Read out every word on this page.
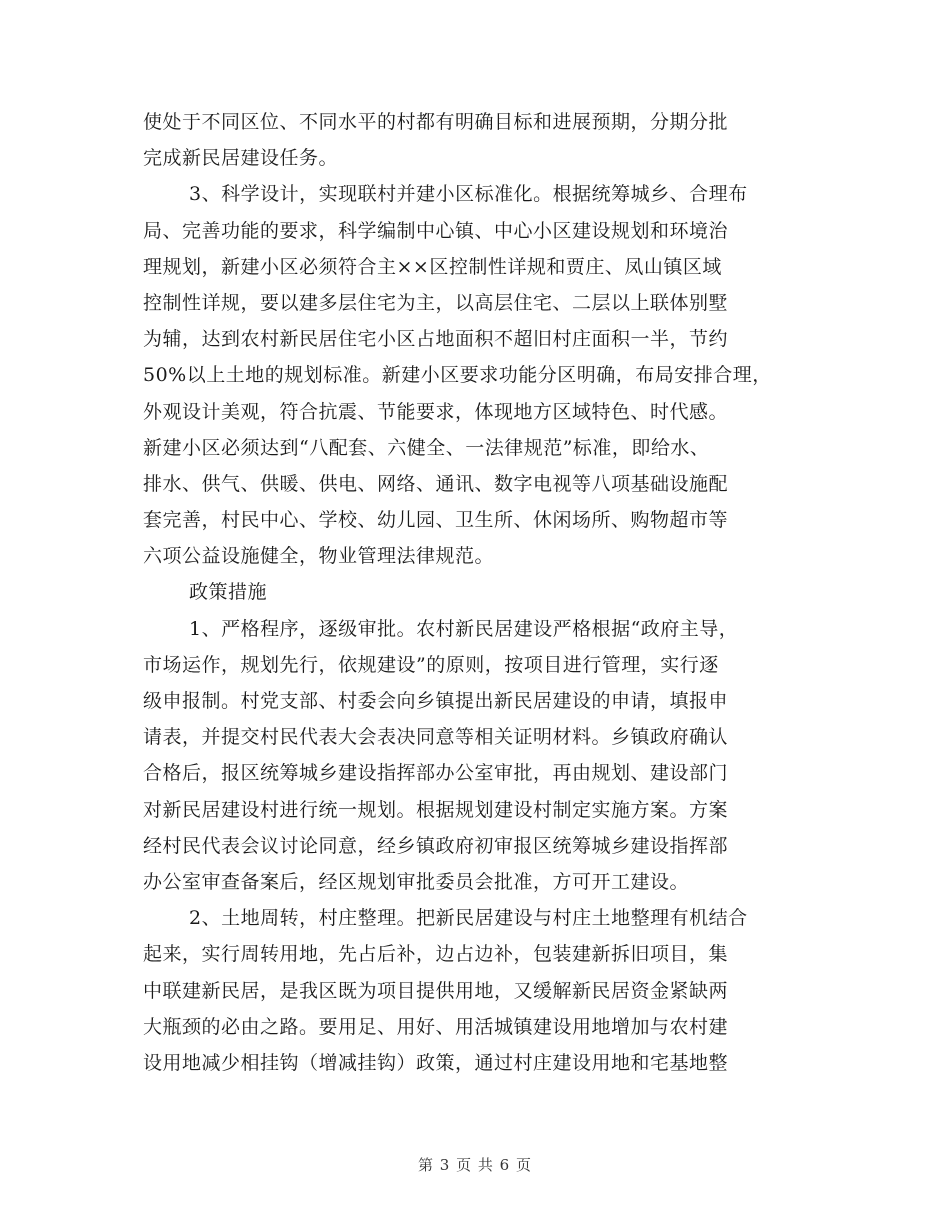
使处于不同区位、不同水平的村都有明确目标和进展预期，分期分批
完成新民居建设任务。
3、科学设计，实现联村并建小区标准化。根据统筹城乡、合理布
局、完善功能的要求，科学编制中心镇、中心小区建设规划和环境治
理规划，新建小区必须符合主××区控制性详规和贾庄、凤山镇区域
控制性详规，要以建多层住宅为主，以高层住宅、二层以上联体别墅
为辅，达到农村新民居住宅小区占地面积不超旧村庄面积一半，节约
50%以上土地的规划标准。新建小区要求功能分区明确，布局安排合理，
外观设计美观，符合抗震、节能要求，体现地方区域特色、时代感。
新建小区必须达到“八配套、六健全、一法律规范”标准，即给水、
排水、供气、供暖、供电、网络、通讯、数字电视等八项基础设施配
套完善，村民中心、学校、幼儿园、卫生所、休闲场所、购物超市等
六项公益设施健全，物业管理法律规范。
政策措施
1、严格程序，逐级审批。农村新民居建设严格根据“政府主导，
市场运作，规划先行，依规建设”的原则，按项目进行管理，实行逐
级申报制。村党支部、村委会向乡镇提出新民居建设的申请，填报申
请表，并提交村民代表大会表决同意等相关证明材料。乡镇政府确认
合格后，报区统筹城乡建设指挥部办公室审批，再由规划、建设部门
对新民居建设村进行统一规划。根据规划建设村制定实施方案。方案
经村民代表会议讨论同意，经乡镇政府初审报区统筹城乡建设指挥部
办公室审查备案后，经区规划审批委员会批准，方可开工建设。
2、土地周转，村庄整理。把新民居建设与村庄土地整理有机结合
起来，实行周转用地，先占后补，边占边补，包装建新拆旧项目，集
中联建新民居，是我区既为项目提供用地，又缓解新民居资金紧缺两
大瓶颈的必由之路。要用足、用好、用活城镇建设用地增加与农村建
设用地减少相挂钩（增减挂钩）政策，通过村庄建设用地和宅基地整
第 3 页 共 6 页
